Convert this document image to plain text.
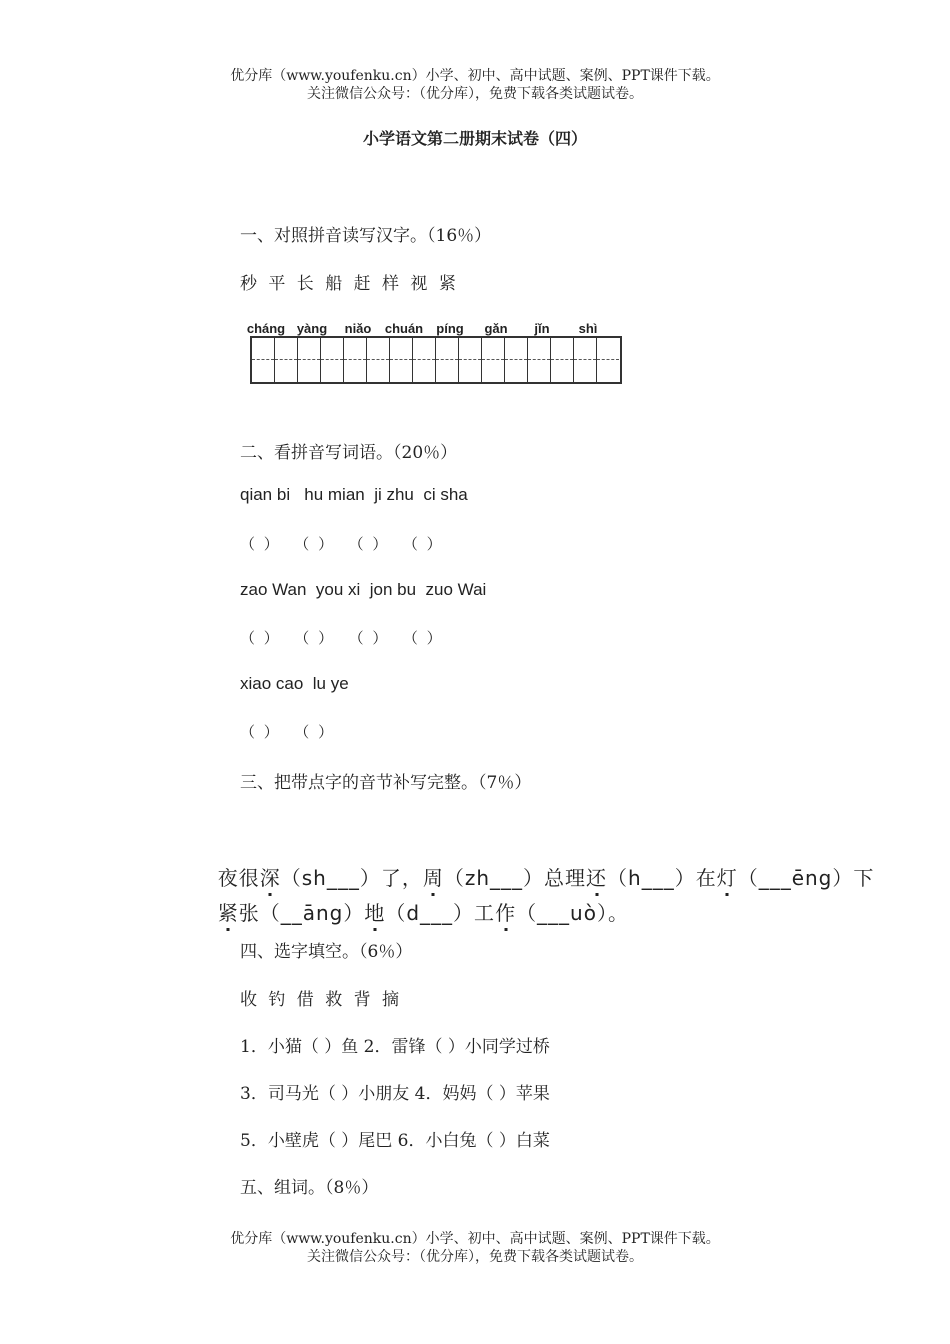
优分库（www.youfenku.cn）小学、初中、高中试题、案例、PPT课件下载。
关注微信公众号：（优分库），免费下载各类试题试卷。
小学语文第二册期末试卷（四）
一、对照拼音读写汉字。（16％）
秒 平 长 船 赶 样 视 紧
cháng yàng	niǎo	chuán	píng	gǎn	jǐn	shì
二、看拼音写词语。（20％）
qian bi   hu mian  ji zhu  ci sha
（ ）  （ ）  （ ）  （ ）
zao Wan  you xi  jon bu  zuo Wai
（ ）  （ ）  （ ）  （ ）
xiao cao  lu ye
（ ）  （ ）
三、把带点字的音节补写完整。（7％）

夜很深（sh___）了，周（zh___）总理还（h___）在灯（___ēng）下

紧张（__āng）地（d___）工作（___uò）。

四、选字填空。（6％）
收 钓 借 救 背 摘
1．小猫（ ）鱼 2．雷锋（ ）小同学过桥
3．司马光（ ）小朋友 4．妈妈（ ）苹果
5．小壁虎（ ）尾巴 6．小白兔（ ）白菜
五、组词。（8％）
优分库（www.youfenku.cn）小学、初中、高中试题、案例、PPT课件下载。
关注微信公众号：（优分库），免费下载各类试题试卷。
